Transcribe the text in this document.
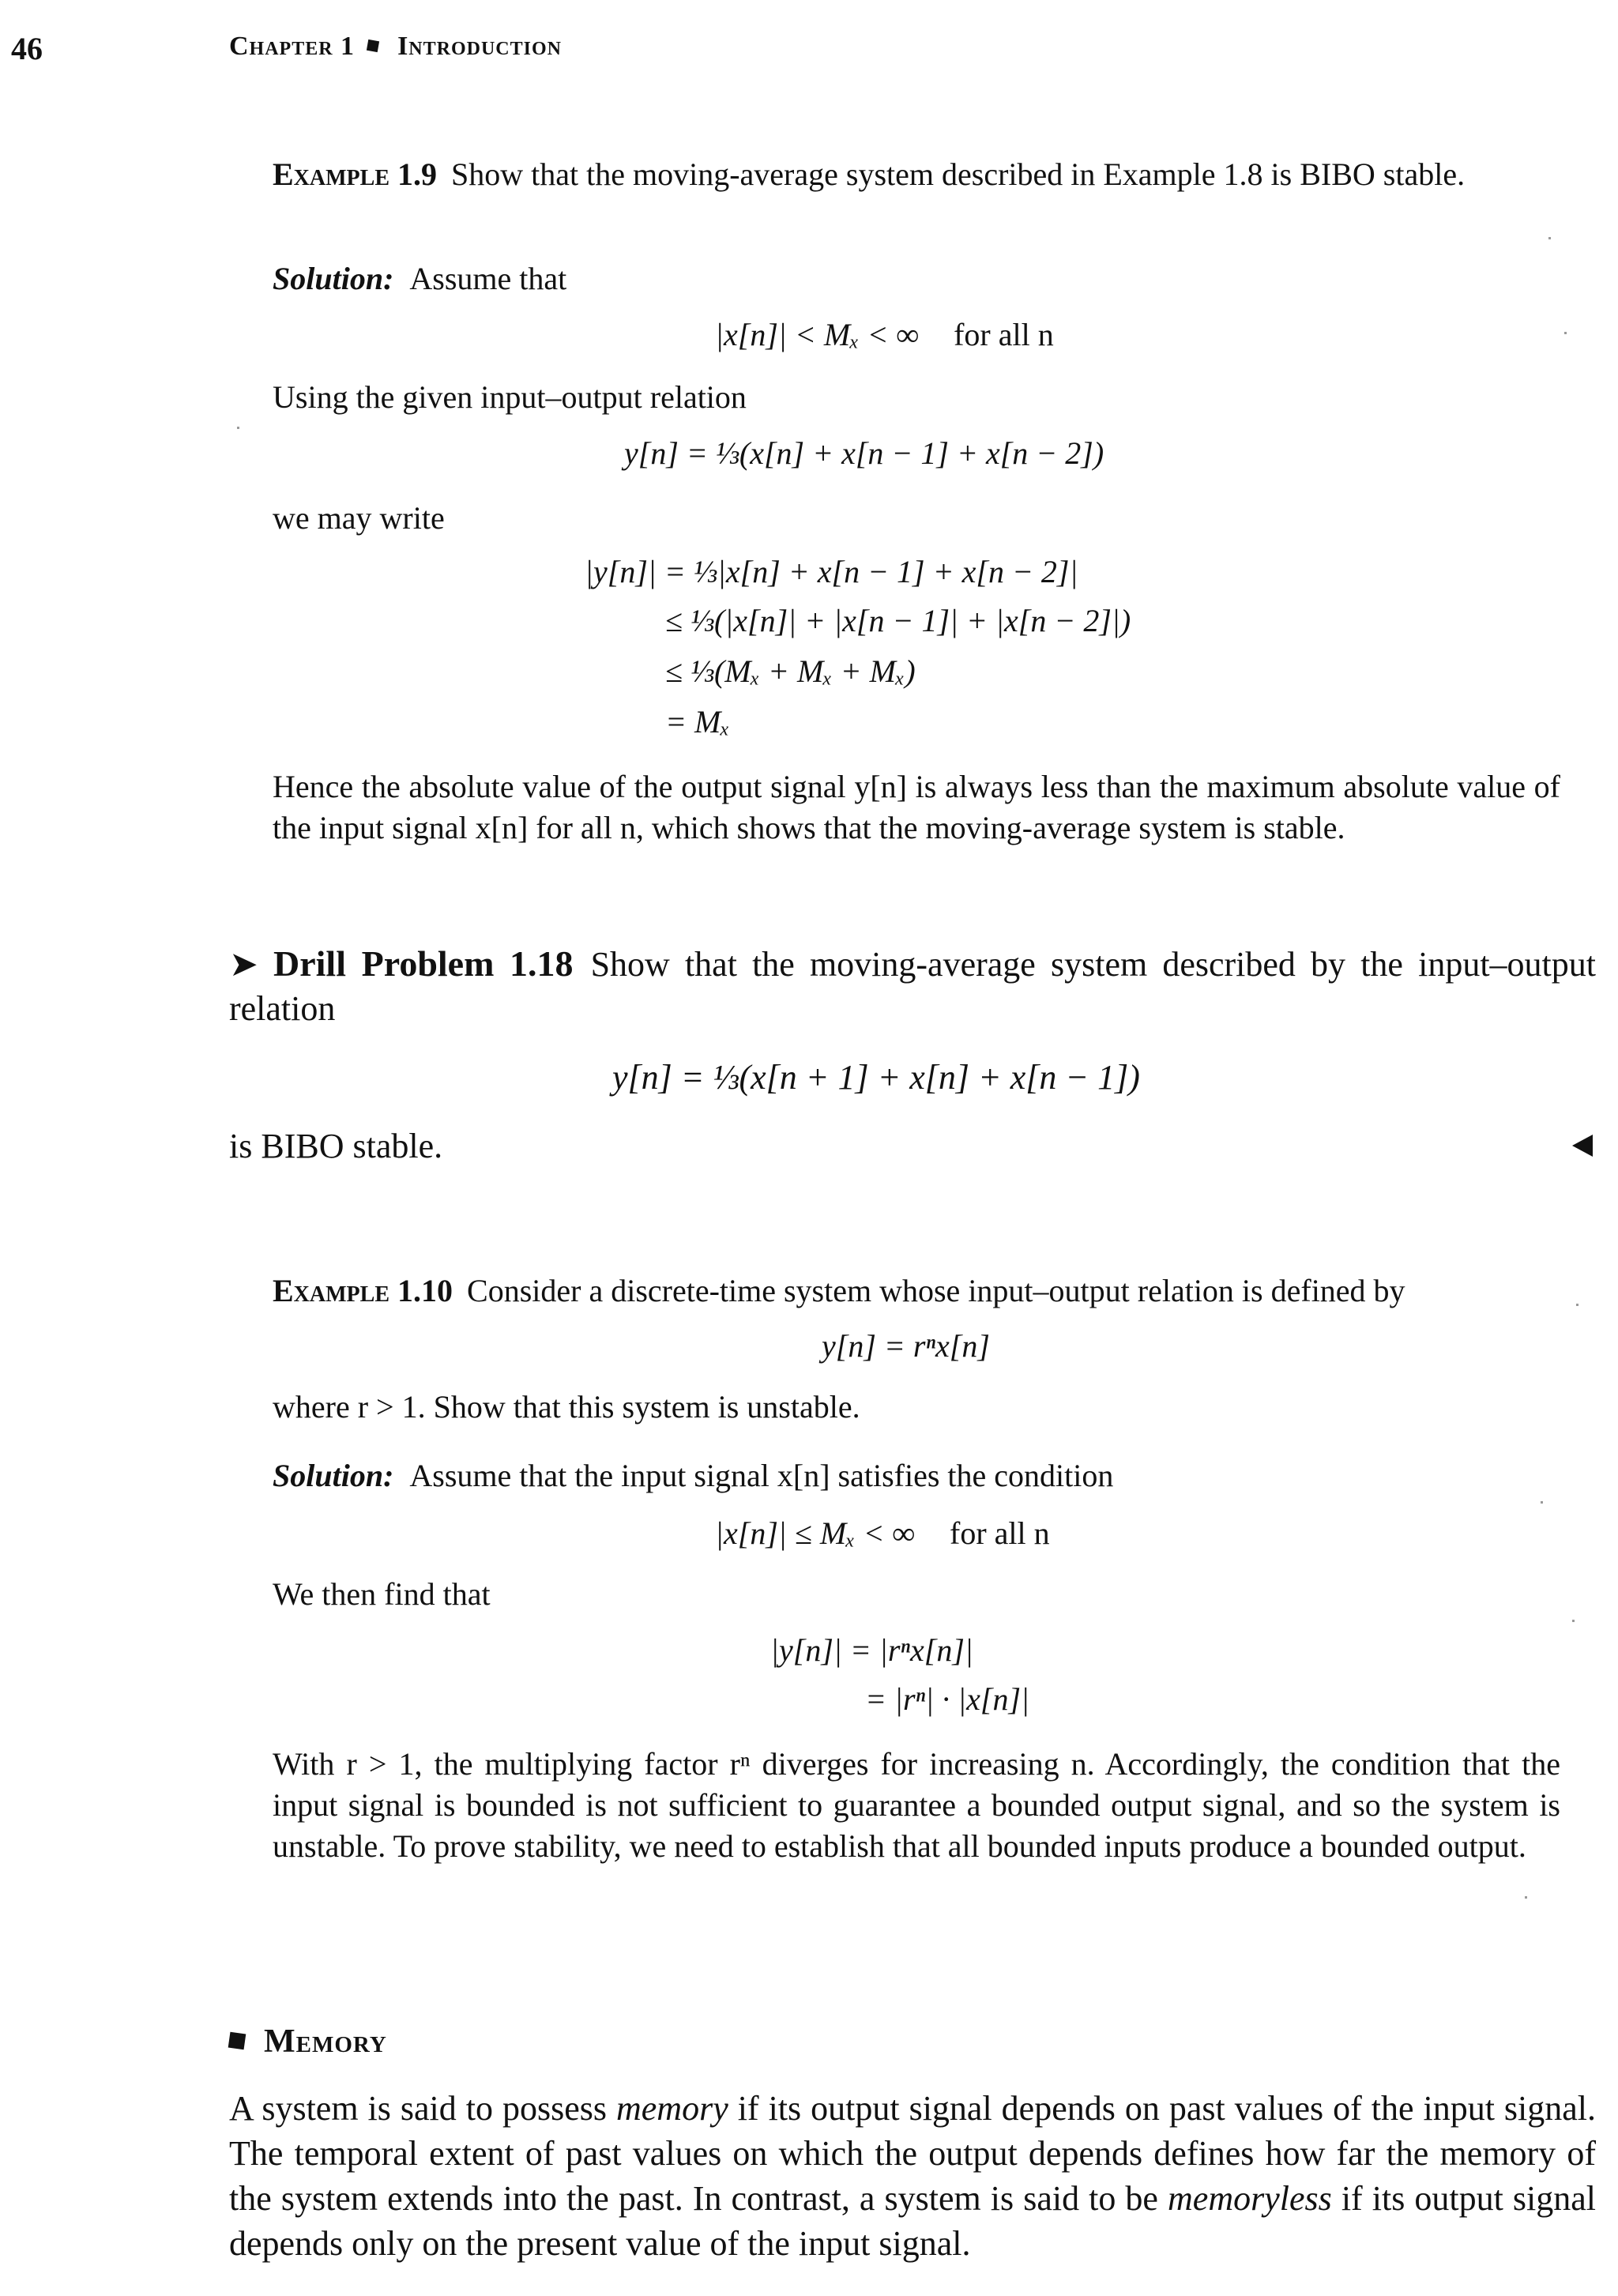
46	Chapter 1 Introduction
Example 1.9 Show that the moving-average system described in Example 1.8 is BIBO stable.
Solution: Assume that
|x[n]| < Mₓ < ∞ for all n
Using the given input–output relation
y[n] = ⅓(x[n] + x[n − 1] + x[n − 2])
we may write
|y[n]| = ⅓|x[n] + x[n − 1] + x[n − 2]|
≤ ⅓(|x[n]| + |x[n − 1]| + |x[n − 2]|)
≤ ⅓(Mₓ + Mₓ + Mₓ)
= Mₓ
Hence the absolute value of the output signal y[n] is always less than the maximum absolute value of the input signal x[n] for all n, which shows that the moving-average system is stable.
➤ Drill Problem 1.18 Show that the moving-average system described by the input–output relation
y[n] = ⅓(x[n + 1] + x[n] + x[n − 1])
is BIBO stable.
Example 1.10 Consider a discrete-time system whose input–output relation is defined by
y[n] = rⁿx[n]
where r > 1. Show that this system is unstable.
Solution: Assume that the input signal x[n] satisfies the condition
|x[n]| ≤ Mₓ < ∞ for all n
We then find that
|y[n]| = |rⁿx[n]|
= |rⁿ| · |x[n]|
With r > 1, the multiplying factor rⁿ diverges for increasing n. Accordingly, the condition that the input signal is bounded is not sufficient to guarantee a bounded output signal, and so the system is unstable. To prove stability, we need to establish that all bounded inputs produce a bounded output.
Memory
A system is said to possess memory if its output signal depends on past values of the input signal. The temporal extent of past values on which the output depends defines how far the memory of the system extends into the past. In contrast, a system is said to be memoryless if its output signal depends only on the present value of the input signal.
